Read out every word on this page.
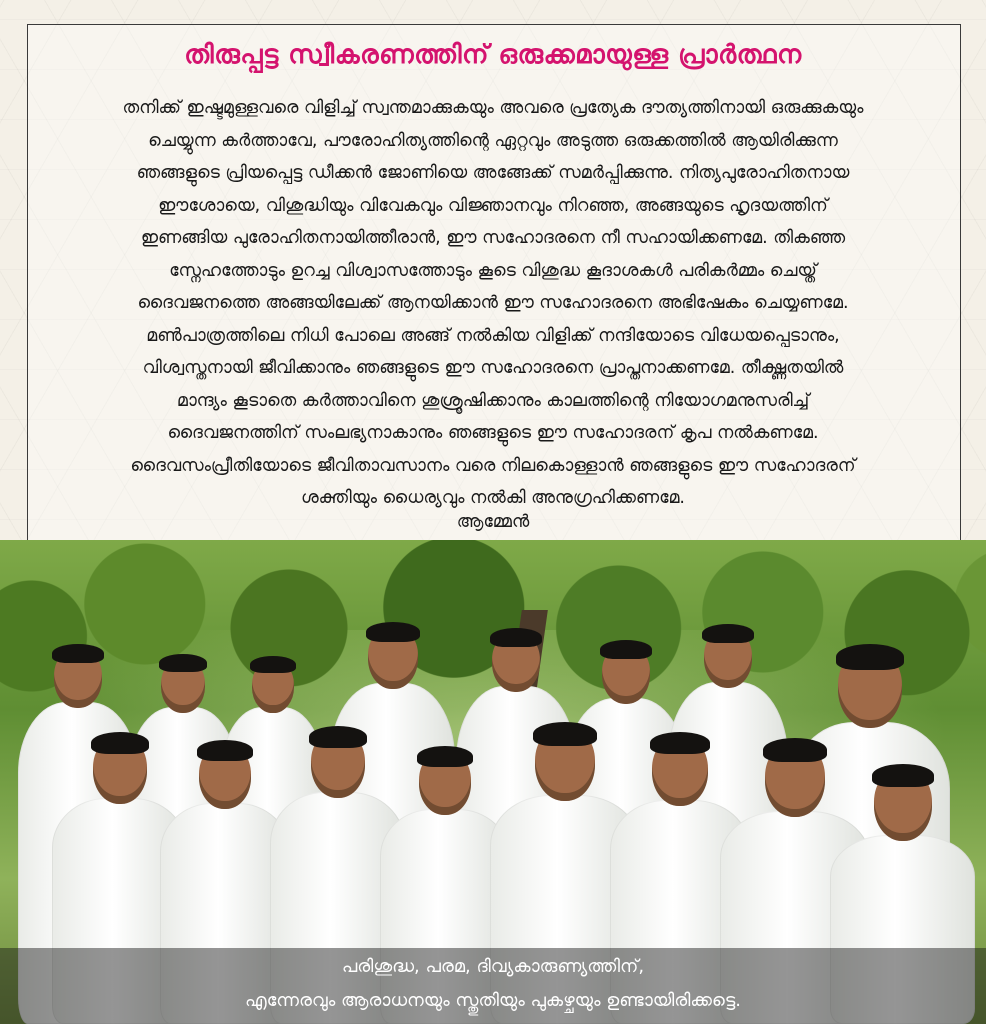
തിരുപ്പട്ട സ്വീകരണത്തിന് ഒരുക്കമായുള്ള പ്രാർത്ഥന
തനിക്ക് ഇഷ്ടമുള്ളവരെ വിളിച്ച് സ്വന്തമാക്കുകയും അവരെ പ്രത്യേക ദൗത്യത്തിനായി ഒരുക്കുകയും
ചെയ്യുന്ന കർത്താവേ, പൗരോഹിത്യത്തിന്റെ ഏറ്റവും അടുത്ത ഒരുക്കത്തിൽ ആയിരിക്കുന്ന
ഞങ്ങളുടെ പ്രിയപ്പെട്ട ഡീക്കൻ ജോണിയെ അങ്ങേക്ക് സമർപ്പിക്കുന്നു. നിത്യപുരോഹിതനായ
ഈശോയെ, വിശുദ്ധിയും വിവേകവും വിജ്ഞാനവും നിറഞ്ഞ, അങ്ങയുടെ ഹൃദയത്തിന്
ഇണങ്ങിയ പുരോഹിതനായിത്തീരാൻ, ഈ സഹോദരനെ നീ സഹായിക്കണമേ. തികഞ്ഞ
സ്നേഹത്തോടും ഉറച്ച വിശ്വാസത്തോടും കൂടെ വിശുദ്ധ കൂദാശകൾ പരികർമ്മം ചെയ്ത്
ദൈവജനത്തെ അങ്ങയിലേക്ക് ആനയിക്കാൻ ഈ സഹോദരനെ അഭിഷേകം ചെയ്യണമേ.
മൺപാത്രത്തിലെ നിധി പോലെ അങ്ങ് നൽകിയ വിളിക്ക് നന്ദിയോടെ വിധേയപ്പെടാനും,
വിശ്വസ്തനായി ജീവിക്കാനും ഞങ്ങളുടെ ഈ സഹോദരനെ പ്രാപ്തനാക്കണമേ. തീക്ഷ്ണതയിൽ
മാന്ദ്യം കൂടാതെ കർത്താവിനെ ശുശ്രൂഷിക്കാനും കാലത്തിന്റെ നിയോഗമനുസരിച്ച്
ദൈവജനത്തിന് സംലഭ്യനാകാനും ഞങ്ങളുടെ ഈ സഹോദരന് കൃപ നൽകണമേ.
ദൈവസംപ്രീതിയോടെ ജീവിതാവസാനം വരെ നിലകൊള്ളാൻ ഞങ്ങളുടെ ഈ സഹോദരന്
ശക്തിയും ധൈര്യവും നൽകി അനുഗ്രഹിക്കണമേ.
ആമ്മേൻ
പരിശുദ്ധ, പരമ, ദിവ്യകാരുണ്യത്തിന്,
എന്നേരവും ആരാധനയും സ്തുതിയും പുകഴ്ചയും ഉണ്ടായിരിക്കട്ടെ.
